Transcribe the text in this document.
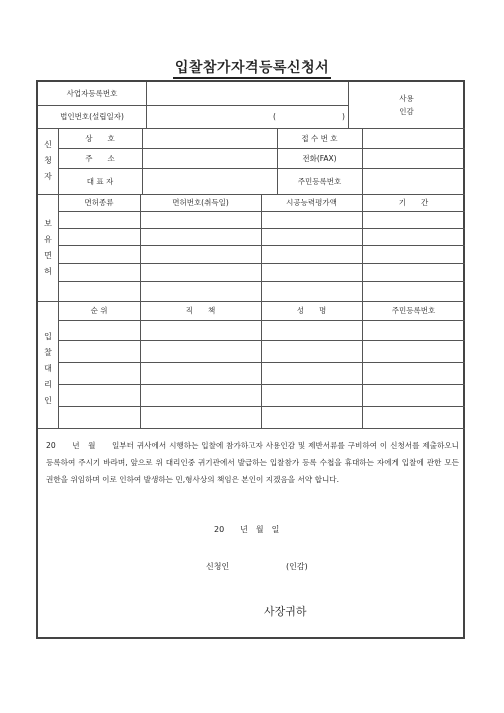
입찰참가자격등록신청서
사업자등록번호
법인번호(설립일자)	(	)
사용
인감
신
청
자
상　　호	접 수 번 호
주　　소	전화(FAX)
대 표 자	주민등록번호
보
유
면
허
면허종류	면허번호(취득일)	시공능력평가액	기　　간
입
찰
대
리
인
순 위	직　　책	성　　명	주민등록번호
20　　년　월　　일부터 귀사에서 시행하는 입찰에 참가하고자 사용인감 및 제반서류를 구비하여 이 신청서를 제출하오니 등록하여 주시기 바라며, 앞으로 위 대리인중 귀기관에서 발급하는 입찰참가 등록 수첩을 휴대하는 자에게 입찰에 관한 모든 권한을 위임하며 이로 인하여 발생하는 민,형사상의 책임은 본인이 지겠음을 서약 합니다.
20　　년　월　일
신청인	(인감)
사장귀하
